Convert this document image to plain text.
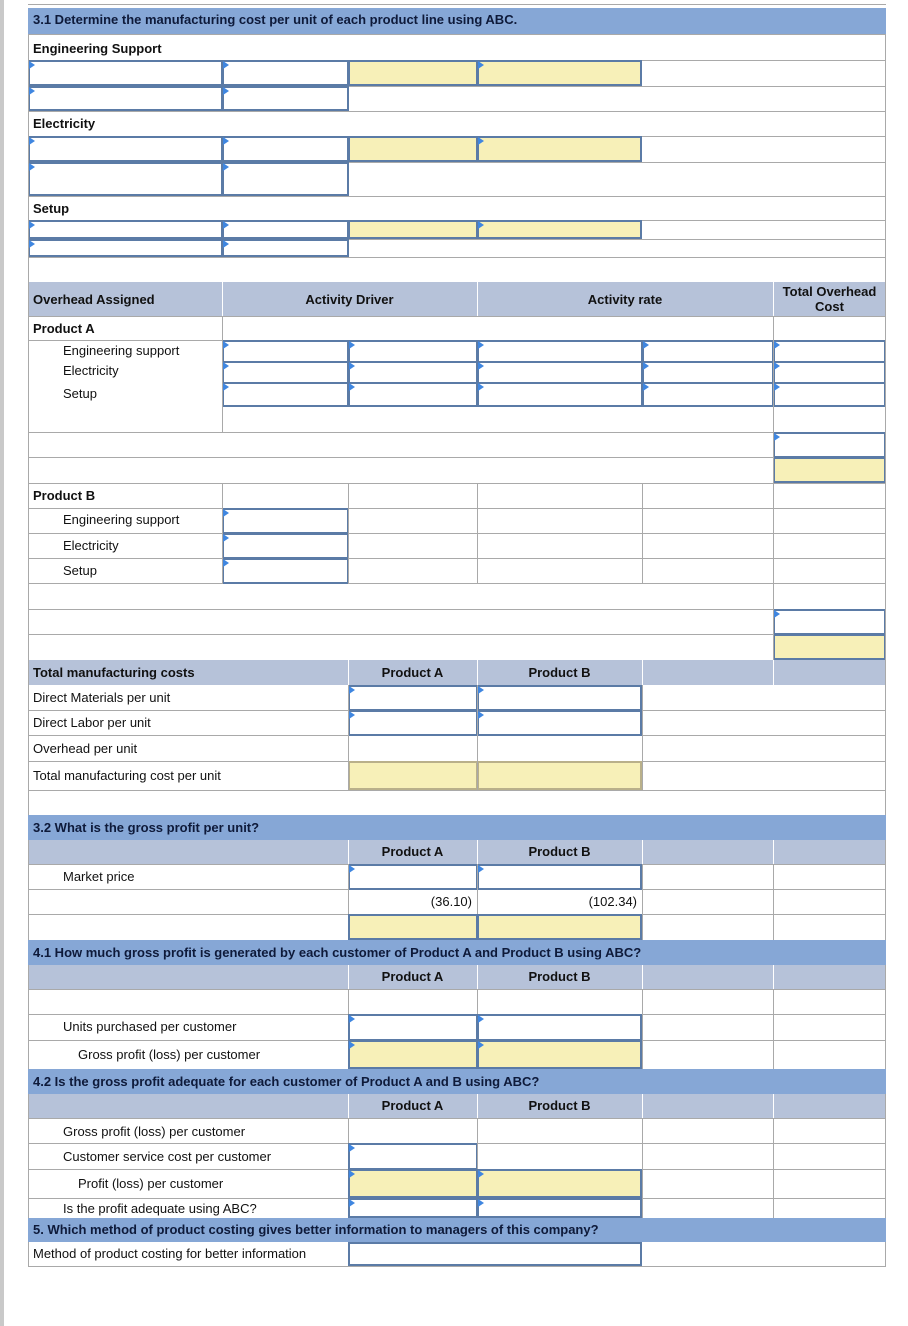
3.1 Determine the manufacturing cost per unit of each product line using ABC.
Engineering Support
Electricity
Setup
Overhead Assigned	Activity Driver	Activity rate
Total Overhead
Cost
Product A
Engineering support
Electricity
Setup
Product B
Engineering support
Electricity
Setup
Total manufacturing costs	Product A	Product B
Direct Materials per unit
Direct Labor per unit
Overhead per unit
Total manufacturing cost per unit
3.2 What is the gross profit per unit?
Product A	Product B
Market price
(36.10)	(102.34)
4.1 How much gross profit is generated by each customer of Product A and Product B using ABC?
Product A	Product B
Units purchased per customer
Gross profit (loss) per customer
4.2 Is the gross profit adequate for each customer of Product A and B using ABC?
Product A	Product B
Gross profit (loss) per customer
Customer service cost per customer
Profit (loss) per customer
Is the profit adequate using ABC?
5. Which method of product costing gives better information to managers of this company?
Method of product costing for better information
